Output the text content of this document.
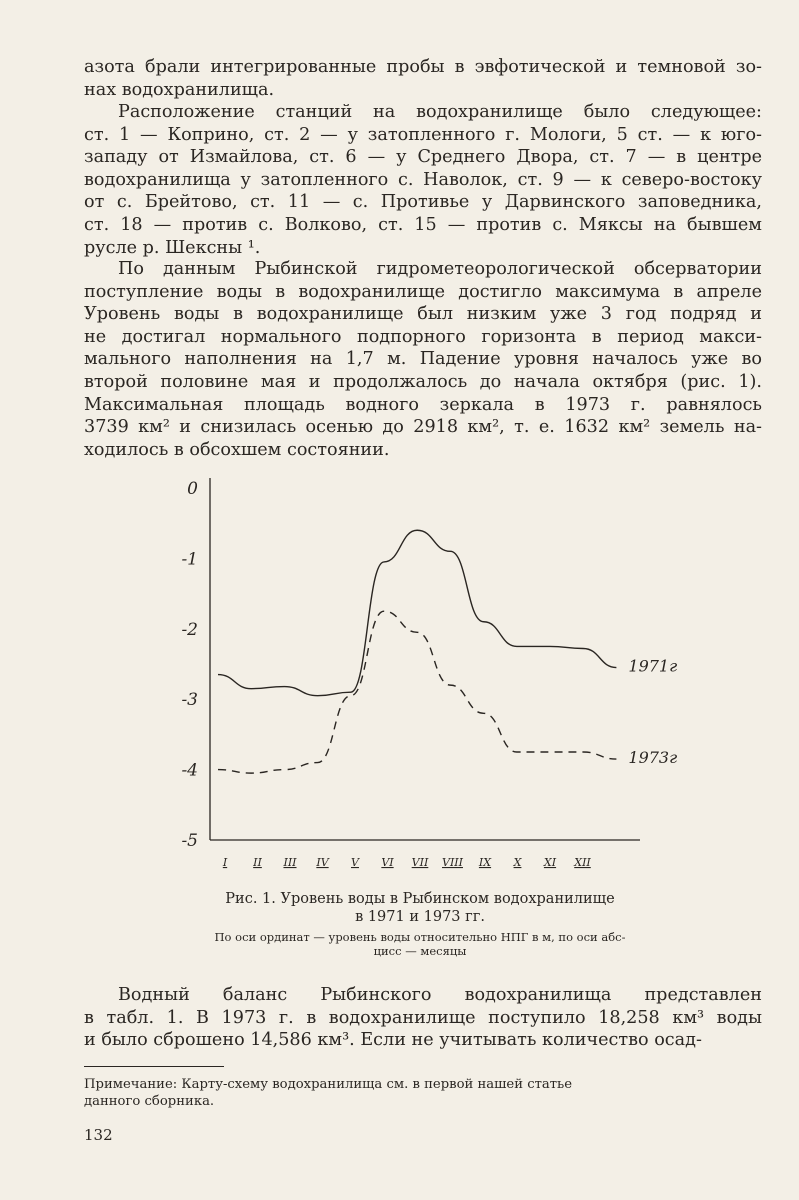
азота брали интегрированные пробы в эвфотической и темновой зо-
нах водохранилища.
Расположение станций на водохранилище было следующее:
ст. 1 — Коприно, ст. 2 — у затопленного г. Мологи, 5 ст. — к юго-
западу от Измайлова, ст. 6 — у Среднего Двора, ст. 7 — в центре
водохранилища у затопленного с. Наволок, ст. 9 — к северо-востоку
от с. Брейтово, ст. 11 — с. Противье у Дарвинского заповедника,
ст. 18 — против с. Волково, ст. 15 — против с. Мяксы на бывшем
русле р. Шексны ¹.
По данным Рыбинской гидрометеорологической обсерватории
поступление воды в водохранилище достигло максимума в апреле
Уровень воды в водохранилище был низким уже 3 год подряд и
не достигал нормального подпорного горизонта в период макси-
мального наполнения на 1,7 м. Падение уровня началось уже во
второй половине мая и продолжалось до начала октября (рис. 1).
Максимальная площадь водного зеркала в 1973 г. равнялось
3739 км² и снизилась осенью до 2918 км², т. е. 1632 км² земель на-
ходилось в обсохшем состоянии.
0
-1
-2
-3
-4
-5
I II III IV V VI VII VIII IX X XI XII
1971г
1973г

Рис. 1. Уровень воды в Рыбинском водохранилище
в 1971 и 1973 гг.

По оси ординат — уровень воды относительно НПГ в м, по оси абс-
цисс — месяцы

Водный баланс Рыбинского водохранилища представлен
в табл. 1. В 1973 г. в водохранилище поступило 18,258 км³ воды
и было сброшено 14,586 км³. Если не учитывать количество осад-
Примечание: Карту-схему водохранилища см. в первой нашей статье
данного сборника.
132
